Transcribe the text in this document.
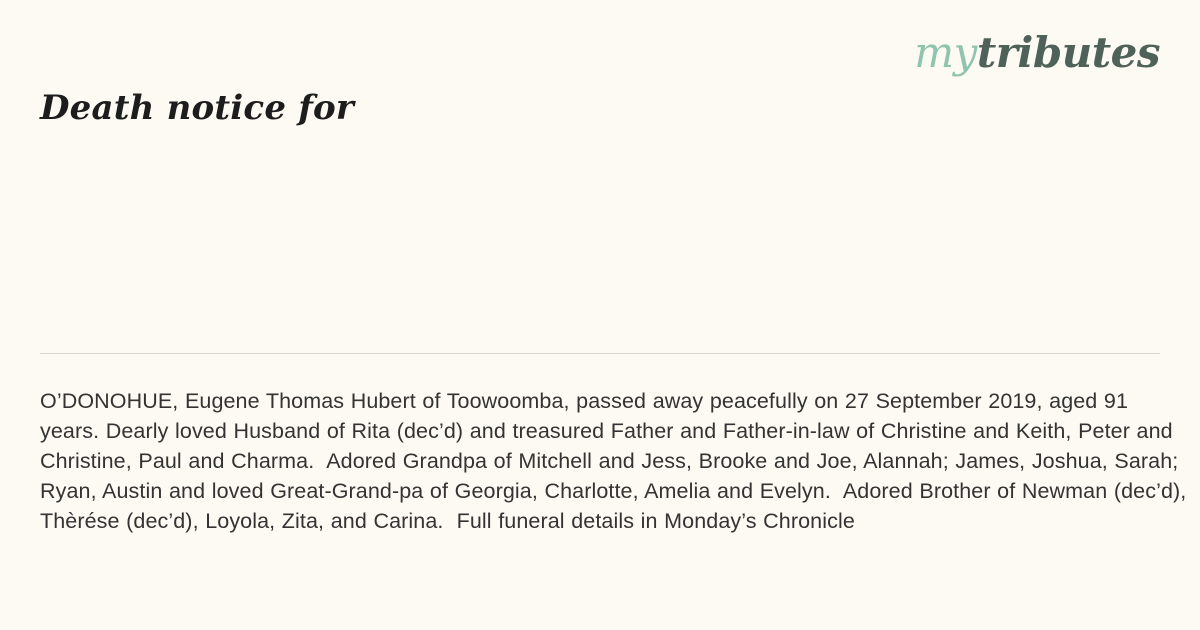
mytributes
Death notice for
O’DONOHUE, Eugene Thomas Hubert of Toowoomba, passed away peacefully on 27 September 2019, aged 91 years. Dearly loved Husband of Rita (dec’d) and treasured Father and Father-in-law of Christine and Keith, Peter and Christine, Paul and Charma.  Adored Grandpa of Mitchell and Jess, Brooke and Joe, Alannah; James, Joshua, Sarah; Ryan, Austin and loved Great-Grand-pa of Georgia, Charlotte, Amelia and Evelyn.  Adored Brother of Newman (dec’d), Thèrése (dec’d), Loyola, Zita, and Carina.  Full funeral details in Monday’s Chronicle
